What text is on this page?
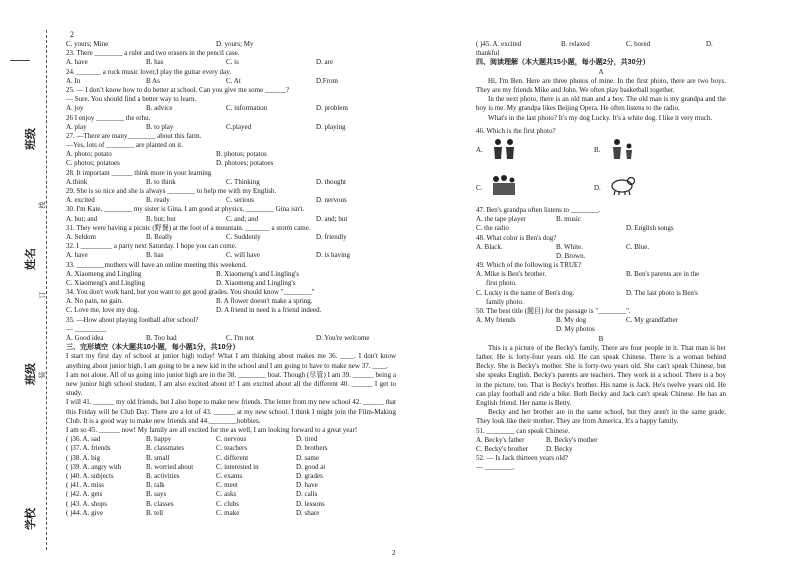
班级
姓名
班级
学校
线
订
装
2
C. yours; Mine	D. yours; My
23. There ________ a ruler and two erasers in the pencil case.
A. have	B. has	C. is	D. are
24. _______ a rock music lover,I play the guitar every day.
A. In	B As	C. At	D.From
25. — I don’t know how to do better at school. Can you give me some ______?
— Sure. You should find a better way to learn.
A. joy	B. advice	C. information	D. problem
26 I enjoy ________ the erhu.
A. play	B. to play	C.played	D. playing
27. —There are many________ about this farm.
—Yes, lots of ________ are planted on it.
A. photo; potato	B. photos; potatos
C. photos; potatoes	D. photoes; potatoes
28. It important ______ think more in your learning
A.think	B. to think	C. Thinking	D. thought
29. She is so nice and she is always ________ to help me with my English.
A. excited	B. ready	C. serious	D. nervous
30. I'm Kate, ________ my sister is Gina. I am good at physics, ________ Gina isn't.
A. but; and	B. but; but	C. and; and	D. and; but
31. They were having a picnic (野餐) at the foot of a mountain. _______ a storm came.
A. Seldom	B. Really	C. Suddenly	D. friendly
32. I _________ a party next Saturday. I hope you can come.
A. have	B. has	C. will have	D. is having
33. ________mothers will have an online meeting this weekend.
A. Xiaomeng and Lingling	B. Xiaomeng's and Lingling's
C. Xiaomeng's and Lingling	D. Xiaomeng and Lingling's
34. You don't work hard, but you want to get good grades. You should know "________"
A. No pain, no gain.	B. A flower doesn't make a spring.
C. Love me, love my dog.	D. A friend in need is a friend indeed.
35. —How about playing football after school?
— _________
A. Good idea	B. Too bad	C. I'm not	D. You're welcome
三、完形填空（本大题共10小题，每小题1分，共10分）

I start my first day of school at junior high today! What I am thinking about makes me 36. ____. I don't know anything about junior high. I am going to be a new kid in the school and I am going to have to make new 37. ____.

I am not alone. All of us going into junior high are in the 38. ________ boat. Though (尽管) I am 39. ______ being a new junior high school student, I am also excited about it! I am excited about all the different 40. ______ I get to study.

I will 41. ______ my old friends, but I also hope to make new friends. The letter from my new school 42. ______ that this Friday will be Club Day. There are a lot of 43. ______ at my new school. I think I might join the Film-Making Club. It is a good way to make new friends and 44.________hobbies.

I am so 45. ______ now! My family are all excited for me as well, I am looking forward to a great year!

( )36. A. sad	B. happy	C. nervous	D. tired
( )37. A. friends	B. classmates	C. teachers	D. brothers
( )38. A. big	B. small	C. different	D. same
( )39. A. angry with	B. worried about	C. interested in	D. good at
( )40. A. subjects	B. activities	C. exams	D. grades
( )41. A. miss	B. talk	C. meet	D. have
( )42. A. gets	B. says	C. asks	D. calls
( )43. A. shops	B. classes	C. clubs	D. lessons
( )44. A. give	B. tell	C. make	D. share
( )45. A. excited	B. relaxed	C. bored	D.
thankful
四、阅读理解（本大题共15小题，每小题2分，共30分）
A

Hi, I'm Ben. Here are three photos of mine. In the first photo, there are two boys. They are my friends Mike and John. We often play basketball together.

In the next photo, there is an old man and a boy. The old man is my grandpa and the boy is me. My grandpa likes Beijing Opera. He often listens to the radio.

What's in the last photo? It's my dog Lucky. It's a white dog. I like it very much.

46. Which is the first photo?
A.	B.
C.	D.
47. Ben's grandpa often listens to ________.
A. the tape player	B. music
C. the radio	D. English songs
48. What color is Ben's dog?
A. Black.	B. White.	C. Blue.
D. Brown.
49. Which of the following is TRUE?
A. Mike is Ben's brother.	B. Ben's parents are in the
first photo.
C. Lucky is the name of Ben's dog.	D. The last photo is Ben's
family photo.
50. The best title (题目) for the passage is "________".
A. My friends	B. My dog	C. My grandfather
D. My photos
B

This is a picture of the Becky's family. There are four people in it. That man is her father. He is forty-four years old. He can speak Chinese. There is a woman behind Becky. She is Becky's mother. She is forty-two years old. She can't speak Chinese, but she speaks English. Becky's parents are teachers. They work in a school. There is a boy in the picture, too. That is Becky's brother. His name is Jack. He's twelve years old. He can play football and ride a bike. Both Becky and Jack can't speak Chinese. He has an English friend. Her name is Betty.

Becky and her brother are in the same school, but they aren't in the same grade. They look like their mother. They are from America. It's a happy family.

51. ________ can speak Chinese.
A. Becky's father	B. Becky's mother
C. Becky's brother	D. Becky
52. — Is Jack thirteen years old?
— ________.
2
